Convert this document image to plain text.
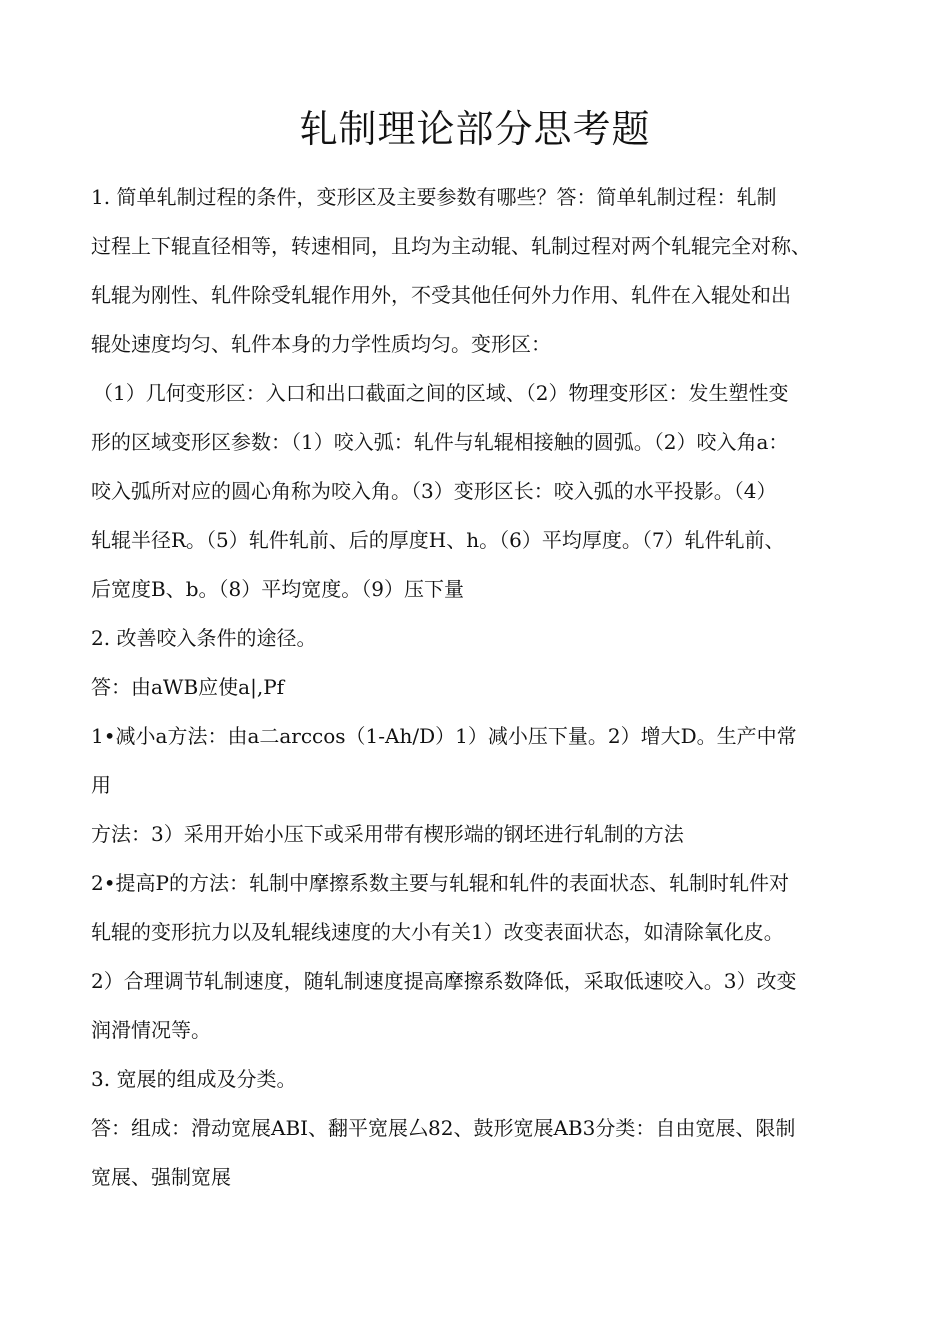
轧制理论部分思考题
1. 简单轧制过程的条件，变形区及主要参数有哪些？答：简单轧制过程：轧制
过程上下辊直径相等，转速相同，且均为主动辊、轧制过程对两个轧辊完全对称、
轧辊为刚性、轧件除受轧辊作用外，不受其他任何外力作用、轧件在入辊处和出
辊处速度均匀、轧件本身的力学性质均匀。变形区：
（1）几何变形区：入口和出口截面之间的区域、（2）物理变形区：发生塑性变
形的区域变形区参数：（1）咬入弧：轧件与轧辊相接触的圆弧。（2）咬入角a：
咬入弧所对应的圆心角称为咬入角。（3）变形区长：咬入弧的水平投影。（4）
轧辊半径R。（5）轧件轧前、后的厚度H、h。（6）平均厚度。（7）轧件轧前、
后宽度B、b。（8）平均宽度。（9）压下量
2. 改善咬入条件的途径。
答：由aWB应使a|,Pf
1•减小a方法：由a二arccos（1-Ah/D）1）减小压下量。2）增大D。生产中常
用
方法：3）采用开始小压下或采用带有楔形端的钢坯进行轧制的方法
2•提高P的方法：轧制中摩擦系数主要与轧辊和轧件的表面状态、轧制时轧件对
轧辊的变形抗力以及轧辊线速度的大小有关1）改变表面状态，如清除氧化皮。
2）合理调节轧制速度，随轧制速度提高摩擦系数降低，采取低速咬入。3）改变
润滑情况等。
3. 宽展的组成及分类。
答：组成：滑动宽展ABI、翻平宽展厶82、鼓形宽展AB3分类：自由宽展、限制
宽展、强制宽展
